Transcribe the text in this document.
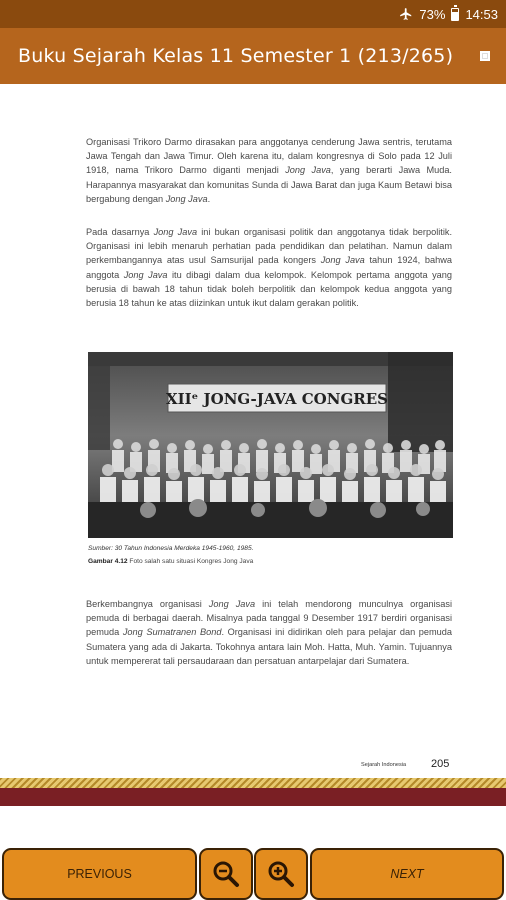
73% 14:53
Buku Sejarah Kelas 11 Semester 1 (213/265)

Organisasi Trikoro Darmo dirasakan para anggotanya cenderung Jawa sentris, terutama Jawa Tengah dan Jawa Timur. Oleh karena itu, dalam kongresnya di Solo pada 12 Juli 1918, nama Trikoro Darmo diganti menjadi Jong Java, yang berarti Jawa Muda. Harapannya masyarakat dan komunitas Sunda di Jawa Barat dan juga Kaum Betawi bisa bergabung dengan Jong Java.

Pada dasarnya Jong Java ini bukan organisasi politik dan anggotanya tidak berpolitik. Organisasi ini lebih menaruh perhatian pada pendidikan dan pelatihan. Namun dalam perkembangannya atas usul Samsurijal pada kongers Jong Java tahun 1924, bahwa anggota Jong Java itu dibagi dalam dua kelompok. Kelompok pertama anggota yang berusia di bawah 18 tahun tidak boleh berpolitik dan kelompok kedua anggota yang berusia 18 tahun ke atas diizinkan untuk ikut dalam gerakan politik.

XIIᵉ JONG-JAVA CONGRES
Sumber: 30 Tahun Indonesia Merdeka 1945-1960, 1985.
Gambar 4.12 Foto salah satu situasi Kongres Jong Java

Berkembangnya organisasi Jong Java ini telah mendorong munculnya organisasi pemuda di berbagai daerah. Misalnya pada tanggal 9 Desember 1917 berdiri organisasi pemuda Jong Sumatranen Bond. Organisasi ini didirikan oleh para pelajar dan pemuda Sumatera yang ada di Jakarta. Tokohnya antara lain Moh. Hatta, Muh. Yamin. Tujuannya untuk mempererat tali persaudaraan dan persatuan antarpelajar dari Sumatera.

Sejarah Indonesia 205
PREVIOUS	NEXT
